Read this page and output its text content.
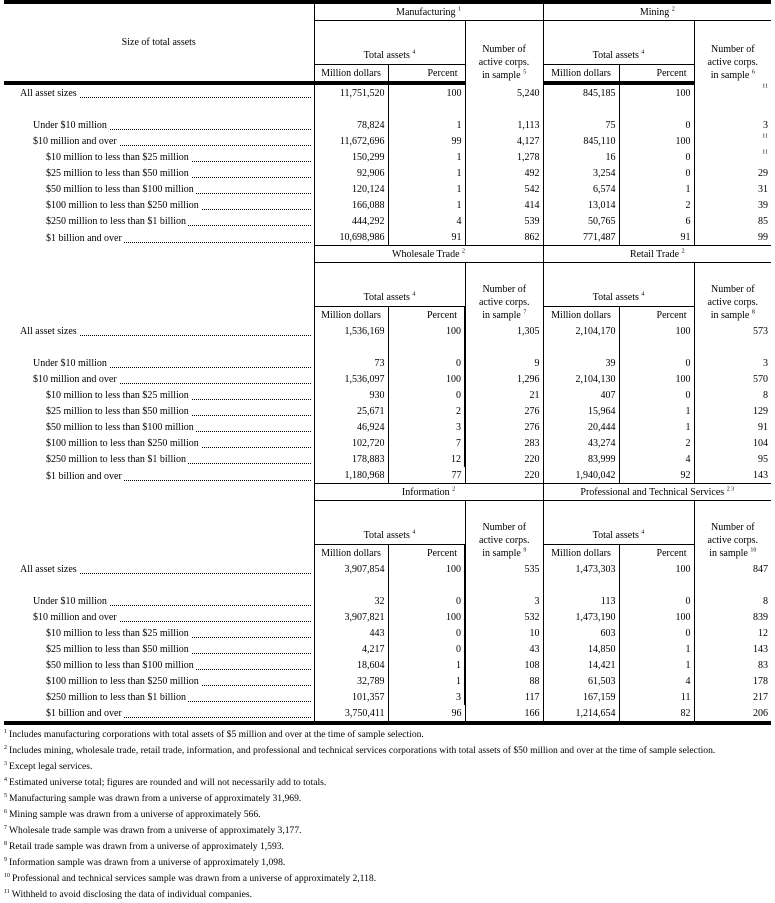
Size of total assets	Manufacturing $^1$			Mining $^2$
Total assets $^4$	Number of
active corps.
in sample $^5$
	Total assets $^4$	Number of
active corps.
in sample $^6$

	Million dollars	Percent		Million dollars	Percent	

All asset sizes	11,751,520	100	5,240	845,185	100	$^{11}$

Under $10 million	78,824	1	1,113	75	0	3

$10 million and over	11,672,696	99	4,127	845,110	100	$^{11}$

$10 million to less than $25 million	150,299	1	1,278	16	0	$^{11}$

$25 million to less than $50 million	92,906	1	492	3,254	0	29

$50 million to less than $100 million	120,124	1	542	6,574	1	31

$100 million to less than $250 million	166,088	1	414	13,014	2	39

$250 million to less than $1 billion	444,292	4	539	50,765	6	85

$1 billion and over	10,698,986	91	862	771,487	91	99
	Wholesale Trade $^2$			Retail Trade $^2$
Total assets $^4$	Number of
active corps.
in sample $^7$
	Total assets $^4$	Number of
active corps.
in sample $^8$

	Million dollars	Percent		Million dollars	Percent	

All asset sizes	1,536,169	100	1,305	2,104,170	100	573

Under $10 million	73	0	9	39	0	3

$10 million and over	1,536,097	100	1,296	2,104,130	100	570

$10 million to less than $25 million	930	0	21	407	0	8

$25 million to less than $50 million	25,671	2	276	15,964	1	129

$50 million to less than $100 million	46,924	3	276	20,444	1	91

$100 million to less than $250 million	102,720	7	283	43,274	2	104

$250 million to less than $1 billion	178,883	12	220	83,999	4	95

$1 billion and over	1,180,968	77	220	1,940,042	92	143
	Information $^2$			Professional and Technical Services $^{2 3}$
Total assets $^4$	Number of
active corps.
in sample $^9$
	Total assets $^4$	Number of
active corps.
in sample $^{10}$

	Million dollars	Percent		Million dollars	Percent	

All asset sizes	3,907,854	100	535	1,473,303	100	847

Under $10 million	32	0	3	113	0	8

$10 million and over	3,907,821	100	532	1,473,190	100	839

$10 million to less than $25 million	443	0	10	603	0	12

$25 million to less than $50 million	4,217	0	43	14,850	1	143

$50 million to less than $100 million	18,604	1	108	14,421	1	83

$100 million to less than $250 million	32,789	1	88	61,503	4	178

$250 million to less than $1 billion	101,357	3	117	167,159	11	217

$1 billion and over	3,750,411	96	166	1,214,654	82	206
$^1$ Includes manufacturing corporations with total assets of $5 million and over at the time of sample selection.
$^2$ Includes mining, wholesale trade, retail trade, information, and professional and technical services corporations with total assets of $50 million and over at the time of sample selection.
$^3$ Except legal services.
$^4$ Estimated universe total; figures are rounded and will not necessarily add to totals.
$^5$ Manufacturing sample was drawn from a universe of approximately 31,969.
$^6$ Mining sample was drawn from a universe of approximately 566.
$^7$ Wholesale trade sample was drawn from a universe of approximately 3,177.
$^8$ Retail trade sample was drawn from a universe of approximately 1,593.
$^9$ Information sample was drawn from a universe of approximately 1,098.
$^{10}$ Professional and technical services sample was drawn from a universe of approximately 2,118.
$^{11}$ Withheld to avoid disclosing the data of individual companies.
